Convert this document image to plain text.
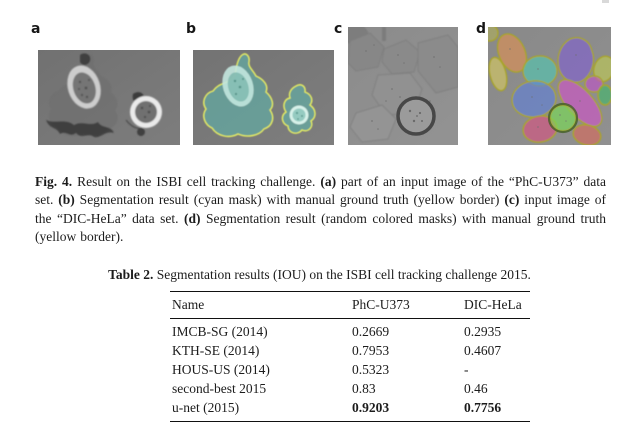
a	b	c	d

Fig. 4. Result on the ISBI cell tracking challenge. (a) part of an input image of the “PhC-U373” data set. (b) Segmentation result (cyan mask) with manual ground truth (yellow border) (c) input image of the “DIC-HeLa” data set. (d) Segmentation result (random colored masks) with manual ground truth (yellow border).

Table 2. Segmentation results (IOU) on the ISBI cell tracking challenge 2015.

Name	PhC-U373	DIC-HeLa
IMCB-SG (2014)	0.2669	0.2935
KTH-SE (2014)	0.7953	0.4607
HOUS-US (2014)	0.5323	-
second-best 2015	0.83	0.46
u-net (2015)	0.9203	0.7756
